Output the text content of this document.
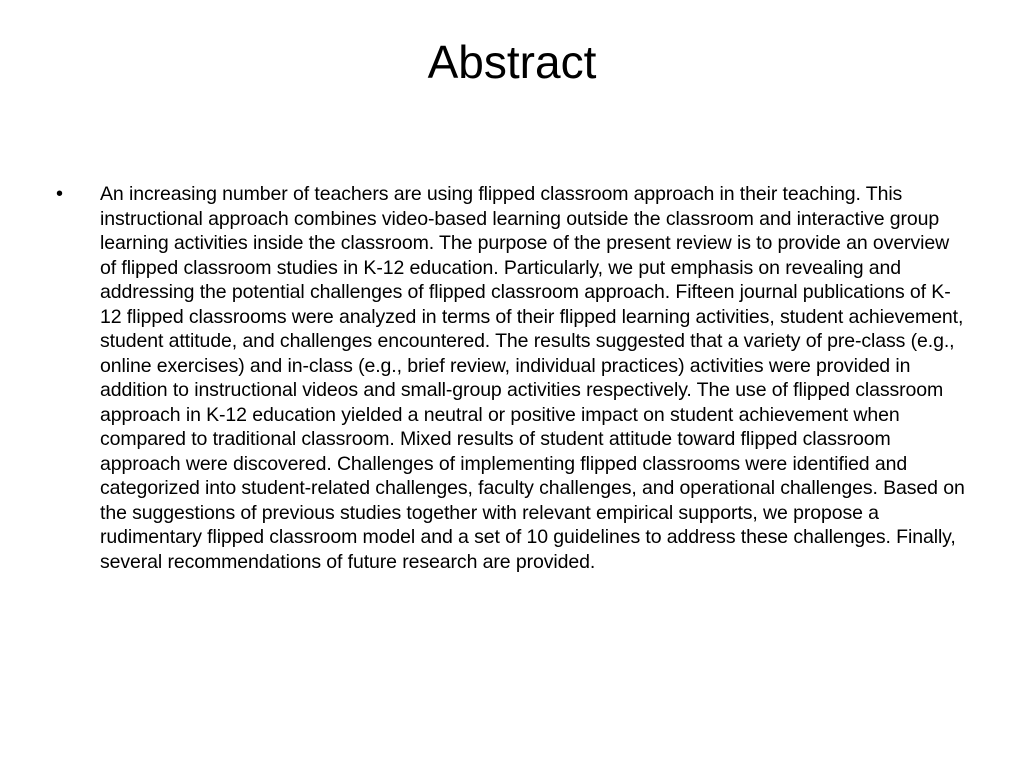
Abstract
•	An increasing number of teachers are using flipped classroom approach in their teaching. This instructional approach combines video-based learning outside the classroom and interactive group learning activities inside the classroom. The purpose of the present review is to provide an overview of flipped classroom studies in K-12 education. Particularly, we put emphasis on revealing and addressing the potential challenges of flipped classroom approach. Fifteen journal publications of K-12 flipped classrooms were analyzed in terms of their flipped learning activities, student achievement, student attitude, and challenges encountered. The results suggested that a variety of pre-class (e.g., online exercises) and in-class (e.g., brief review, individual practices) activities were provided in addition to instructional videos and small-group activities respectively. The use of flipped classroom approach in K-12 education yielded a neutral or positive impact on student achievement when compared to traditional classroom. Mixed results of student attitude toward flipped classroom approach were discovered. Challenges of implementing flipped classrooms were identified and categorized into student-related challenges, faculty challenges, and operational challenges. Based on the suggestions of previous studies together with relevant empirical supports, we propose a rudimentary flipped classroom model and a set of 10 guidelines to address these challenges. Finally, several recommendations of future research are provided.
